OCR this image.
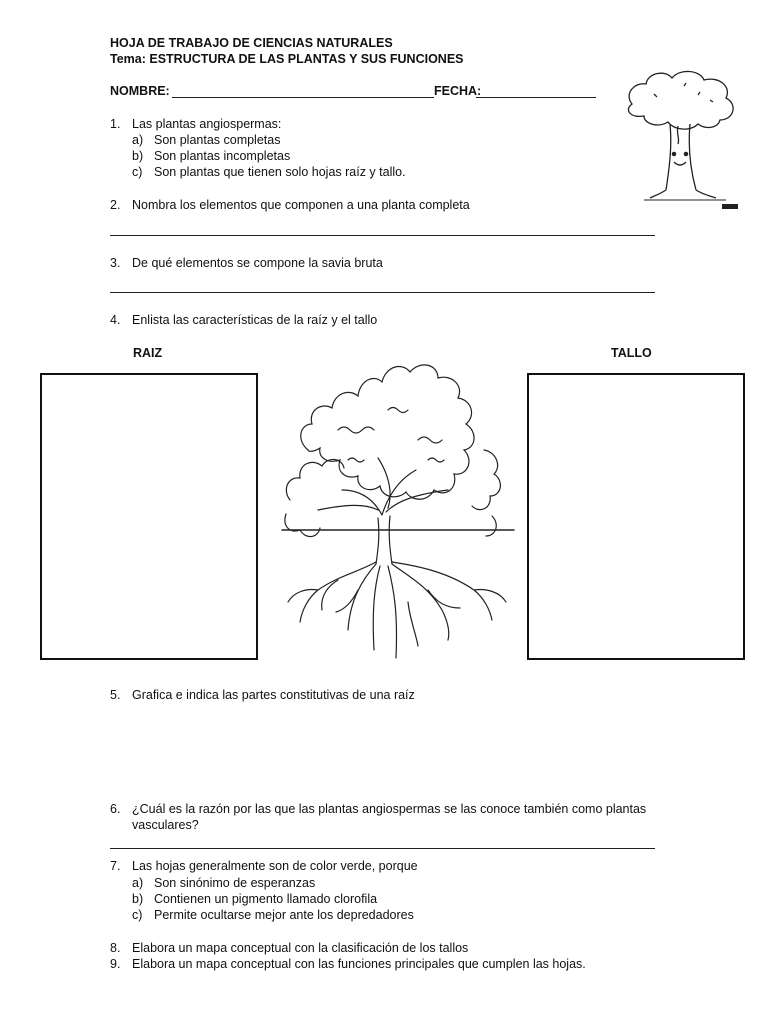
HOJA DE TRABAJO DE CIENCIAS NATURALES
Tema: ESTRUCTURA DE LAS PLANTAS Y SUS FUNCIONES
NOMBRE:	FECHA:
1. Las plantas angiospermas:
a) Son plantas completas
b) Son plantas incompletas
c) Son plantas que tienen solo hojas raíz y tallo.
2. Nombra los elementos que componen a una planta completa
3. De qué elementos se compone la savia bruta
4. Enlista las características de la raíz y el tallo
RAIZ	TALLO
5. Grafica e indica las partes constitutivas de una raíz
6. ¿Cuál es la razón por las que las plantas angiospermas se las conoce también como plantas
vasculares?
7. Las hojas generalmente son de color verde, porque
a) Son sinónimo de esperanzas
b) Contienen un pigmento llamado clorofila
c) Permite ocultarse mejor ante los depredadores
8. Elabora un mapa conceptual con la clasificación de los tallos
9. Elabora un mapa conceptual con las funciones principales que cumplen las hojas.
